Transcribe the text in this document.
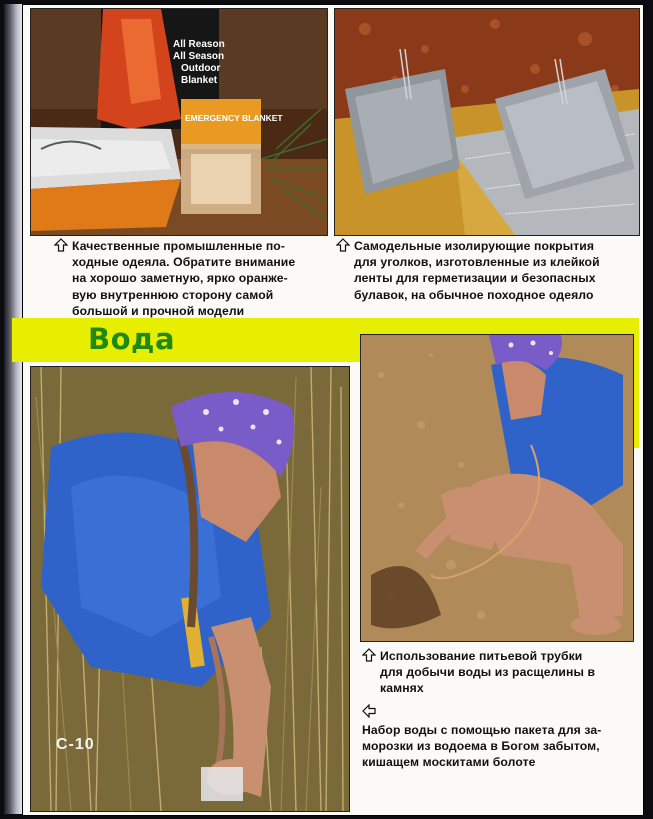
All Reason
All Season
Outdoor
Blanket
EMERGENCY BLANKET
Качественные промышленные по-
ходные одеяла. Обратите внимание
на хорошо заметную, ярко оранже-
вую внутреннюю сторону самой
большой и прочной модели
Самодельные изолирующие покрытия
для уголков, изготовленные из клейкой
ленты для герметизации и безопасных
булавок, на обычное походное одеяло
Вода
С-10
Использование питьевой трубки
для добычи воды из расщелины в
камнях
Набор воды с помощью пакета для за-
морозки из водоема в Богом забытом,
кишащем москитами болоте
